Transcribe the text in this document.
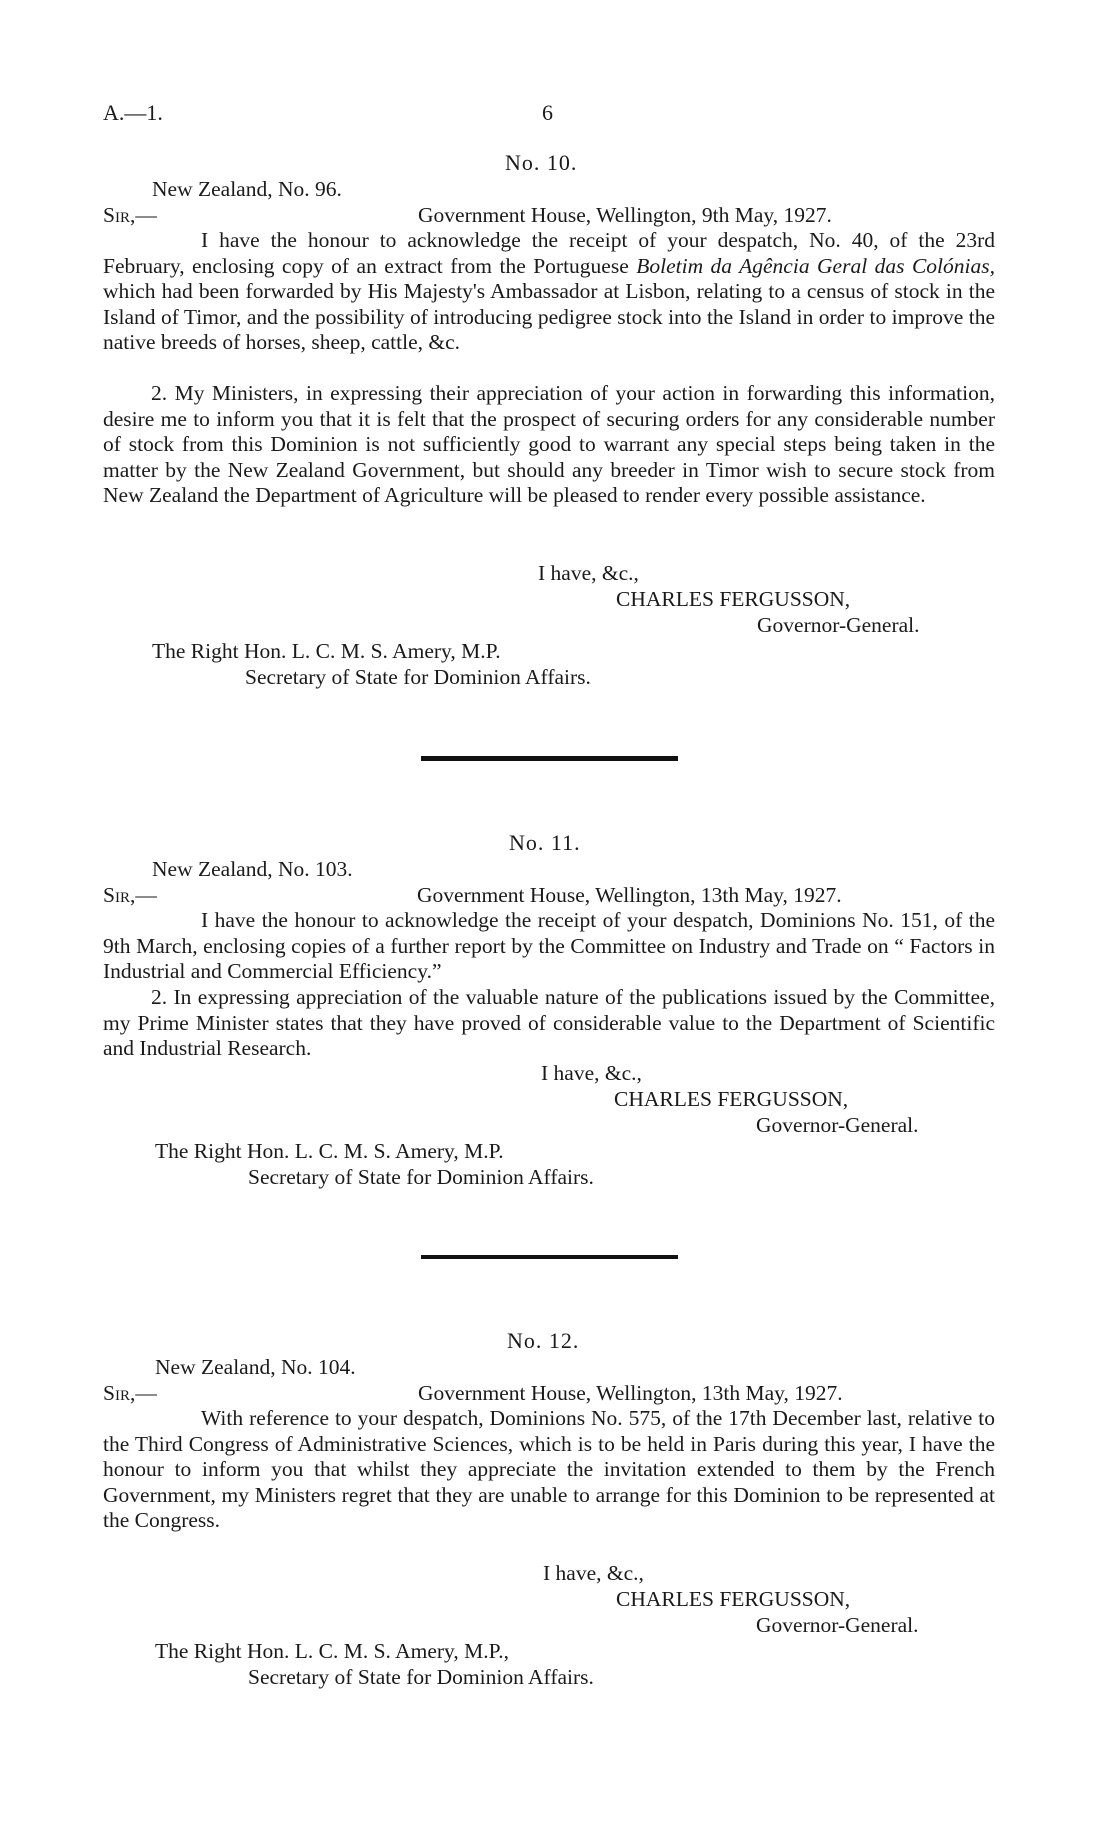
A.—1.	6
No. 10.
New Zealand, No. 96.
Sir,—	Government House, Wellington, 9th May, 1927.
I have the honour to acknowledge the receipt of your despatch, No. 40, of the 23rd February, enclosing copy of an extract from the Portuguese Boletim da Agência Geral das Colónias, which had been forwarded by His Majesty's Ambassador at Lisbon, relating to a census of stock in the Island of Timor, and the possibility of introducing pedigree stock into the Island in order to improve the native breeds of horses, sheep, cattle, &c.
2. My Ministers, in expressing their appreciation of your action in forwarding this information, desire me to inform you that it is felt that the prospect of securing orders for any considerable number of stock from this Dominion is not sufficiently good to warrant any special steps being taken in the matter by the New Zealand Government, but should any breeder in Timor wish to secure stock from New Zealand the Department of Agriculture will be pleased to render every possible assistance.
I have, &c.,
CHARLES FERGUSSON,
Governor-General.
The Right Hon. L. C. M. S. Amery, M.P.
Secretary of State for Dominion Affairs.
No. 11.
New Zealand, No. 103.
Sir,—	Government House, Wellington, 13th May, 1927.
I have the honour to acknowledge the receipt of your despatch, Dominions No. 151, of the 9th March, enclosing copies of a further report by the Committee on Industry and Trade on “ Factors in Industrial and Commercial Efficiency.”
2. In expressing appreciation of the valuable nature of the publications issued by the Committee, my Prime Minister states that they have proved of considerable value to the Department of Scientific and Industrial Research.
I have, &c.,
CHARLES FERGUSSON,
Governor-General.
The Right Hon. L. C. M. S. Amery, M.P.
Secretary of State for Dominion Affairs.
No. 12.
New Zealand, No. 104.
Sir,—	Government House, Wellington, 13th May, 1927.
With reference to your despatch, Dominions No. 575, of the 17th December last, relative to the Third Congress of Administrative Sciences, which is to be held in Paris during this year, I have the honour to inform you that whilst they appreciate the invitation extended to them by the French Government, my Ministers regret that they are unable to arrange for this Dominion to be represented at the Congress.
I have, &c.,
CHARLES FERGUSSON,
Governor-General.
The Right Hon. L. C. M. S. Amery, M.P.,
Secretary of State for Dominion Affairs.
